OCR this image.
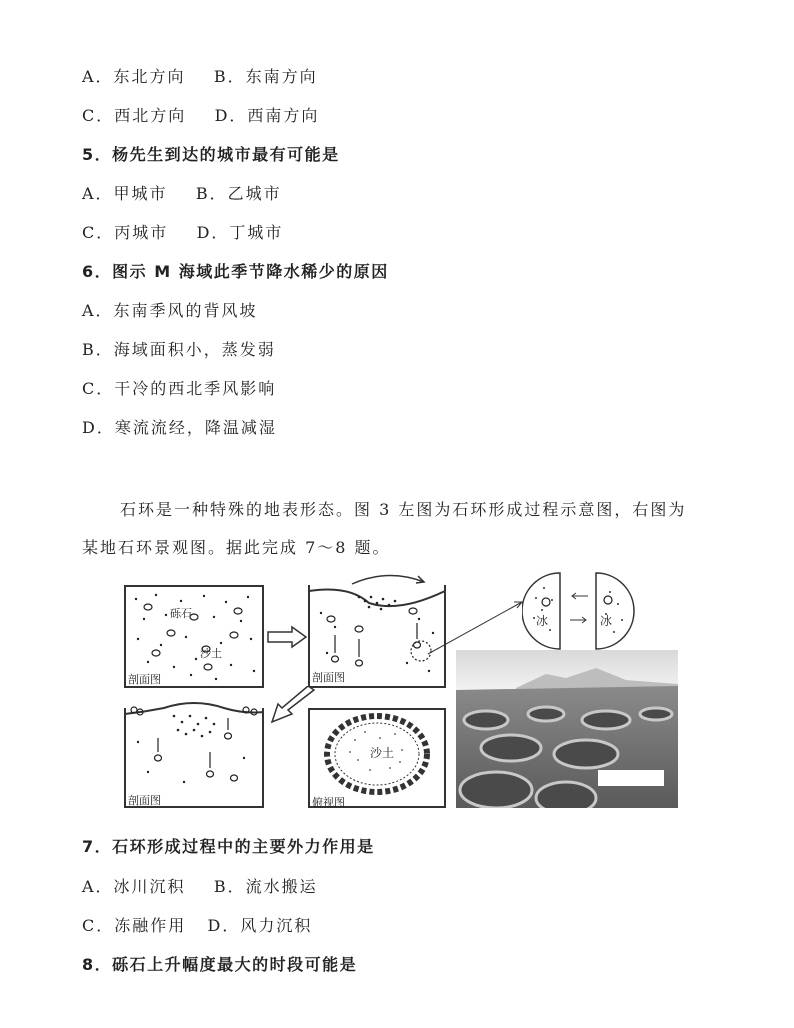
A．东北方向    B．东南方向
C．西北方向    D．西南方向
5．杨先生到达的城市最有可能是
A．甲城市    B．乙城市
C．丙城市    D．丁城市
6．图示 M 海域此季节降水稀少的原因
A．东南季风的背风坡
B．海域面积小，蒸发弱
C．干冷的西北季风影响
D．寒流流经，降温减湿
石环是一种特殊的地表形态。图 3 左图为石环形成过程示意图，右图为某地石环景观图。据此完成 7～8 题。
砾石
沙土
剖面图	剖面图
冰	冰
剖面图
沙土
俯视图
7．石环形成过程中的主要外力作用是
A．冰川沉积    B．流水搬运
C．冻融作用   D．风力沉积
8．砾石上升幅度最大的时段可能是
